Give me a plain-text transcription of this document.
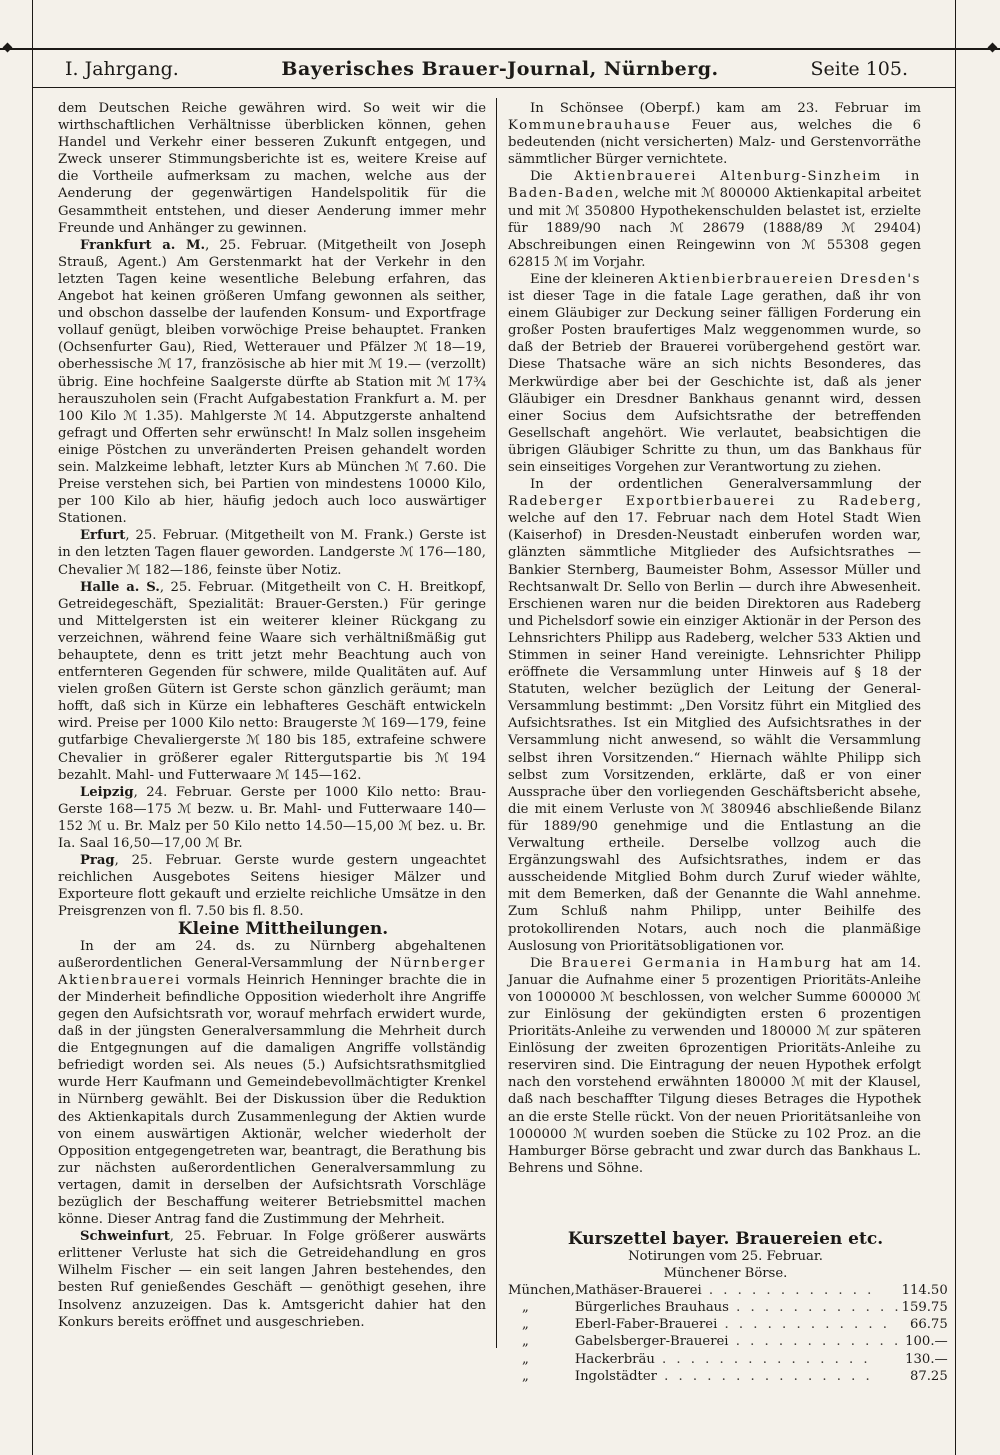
I. Jahrgang.	Bayerisches Brauer-Journal, Nürnberg.	Seite 105.

dem Deutschen Reiche gewähren wird. So weit wir die wirthschaftlichen Verhältnisse überblicken können, gehen Handel und Verkehr einer besseren Zukunft entgegen, und Zweck unserer Stimmungsberichte ist es, weitere Kreise auf die Vortheile aufmerksam zu machen, welche aus der Aenderung der gegenwärtigen Handelspolitik für die Gesammtheit entstehen, und dieser Aenderung immer mehr Freunde und Anhänger zu gewinnen.

Frankfurt a. M., 25. Februar. (Mitgetheilt von Joseph Strauß, Agent.) Am Gerstenmarkt hat der Verkehr in den letzten Tagen keine wesentliche Belebung erfahren, das Angebot hat keinen größeren Umfang gewonnen als seither, und obschon dasselbe der laufenden Konsum- und Exportfrage vollauf genügt, bleiben vorwöchige Preise behauptet. Franken (Ochsenfurter Gau), Ried, Wetterauer und Pfälzer ℳ 18—19, oberhessische ℳ 17, französische ab hier mit ℳ 19.— (verzollt) übrig. Eine hochfeine Saalgerste dürfte ab Station mit ℳ 17¾ herauszuholen sein (Fracht Aufgabestation Frankfurt a. M. per 100 Kilo ℳ 1.35). Mahlgerste ℳ 14. Abputzgerste anhaltend gefragt und Offerten sehr erwünscht! In Malz sollen insgeheim einige Pöstchen zu unveränderten Preisen gehandelt worden sein. Malzkeime lebhaft, letzter Kurs ab München ℳ 7.60. Die Preise verstehen sich, bei Partien von mindestens 10000 Kilo, per 100 Kilo ab hier, häufig jedoch auch loco auswärtiger Stationen.

Erfurt, 25. Februar. (Mitgetheilt von M. Frank.) Gerste ist in den letzten Tagen flauer geworden. Landgerste ℳ 176—180, Chevalier ℳ 182—186, feinste über Notiz.

Halle a. S., 25. Februar. (Mitgetheilt von C. H. Breitkopf, Getreidegeschäft, Spezialität: Brauer-Gersten.) Für geringe und Mittelgersten ist ein weiterer kleiner Rückgang zu verzeichnen, während feine Waare sich verhältnißmäßig gut behauptete, denn es tritt jetzt mehr Beachtung auch von entfernteren Gegenden für schwere, milde Qualitäten auf. Auf vielen großen Gütern ist Gerste schon gänzlich geräumt; man hofft, daß sich in Kürze ein lebhafteres Geschäft entwickeln wird. Preise per 1000 Kilo netto: Braugerste ℳ 169—179, feine gutfarbige Chevaliergerste ℳ 180 bis 185, extrafeine schwere Chevalier in größerer egaler Rittergutspartie bis ℳ 194 bezahlt. Mahl- und Futterwaare ℳ 145—162.

Leipzig, 24. Februar. Gerste per 1000 Kilo netto: Brau-Gerste 168—175 ℳ bezw. u. Br. Mahl- und Futterwaare 140—152 ℳ u. Br. Malz per 50 Kilo netto 14.50—15,00 ℳ bez. u. Br. Ia. Saal 16,50—17,00 ℳ Br.

Prag, 25. Februar. Gerste wurde gestern ungeachtet reichlichen Ausgebotes Seitens hiesiger Mälzer und Exporteure flott gekauft und erzielte reichliche Umsätze in den Preisgrenzen von fl. 7.50 bis fl. 8.50.

Kleine Mittheilungen.

In der am 24. ds. zu Nürnberg abgehaltenen außerordentlichen General-Versammlung der Nürnberger Aktienbrauerei vormals Heinrich Henninger brachte die in der Minderheit befindliche Opposition wiederholt ihre Angriffe gegen den Aufsichtsrath vor, worauf mehrfach erwidert wurde, daß in der jüngsten Generalversammlung die Mehrheit durch die Entgegnungen auf die damaligen Angriffe vollständig befriedigt worden sei. Als neues (5.) Aufsichtsrathsmitglied wurde Herr Kaufmann und Gemeindebevollmächtigter Krenkel in Nürnberg gewählt. Bei der Diskussion über die Reduktion des Aktienkapitals durch Zusammenlegung der Aktien wurde von einem auswärtigen Aktionär, welcher wiederholt der Opposition entgegengetreten war, beantragt, die Berathung bis zur nächsten außerordentlichen Generalversammlung zu vertagen, damit in derselben der Aufsichtsrath Vorschläge bezüglich der Beschaffung weiterer Betriebsmittel machen könne. Dieser Antrag fand die Zustimmung der Mehrheit.

Schweinfurt, 25. Februar. In Folge größerer auswärts erlittener Verluste hat sich die Getreidehandlung en gros Wilhelm Fischer — ein seit langen Jahren bestehendes, den besten Ruf genießendes Geschäft — genöthigt gesehen, ihre Insolvenz anzuzeigen. Das k. Amtsgericht dahier hat den Konkurs bereits eröffnet und ausgeschrieben.

In Schönsee (Oberpf.) kam am 23. Februar im Kommunebrauhause Feuer aus, welches die 6 bedeutenden (nicht versicherten) Malz- und Gerstenvorräthe sämmtlicher Bürger vernichtete.

Die Aktienbrauerei Altenburg-Sinzheim in Baden-Baden, welche mit ℳ 800000 Aktienkapital arbeitet und mit ℳ 350800 Hypothekenschulden belastet ist, erzielte für 1889/90 nach ℳ 28679 (1888/89 ℳ 29404) Abschreibungen einen Reingewinn von ℳ 55308 gegen 62815 ℳ im Vorjahr.

Eine der kleineren Aktienbierbrauereien Dresden's ist dieser Tage in die fatale Lage gerathen, daß ihr von einem Gläubiger zur Deckung seiner fälligen Forderung ein großer Posten braufertiges Malz weggenommen wurde, so daß der Betrieb der Brauerei vorübergehend gestört war. Diese Thatsache wäre an sich nichts Besonderes, das Merkwürdige aber bei der Geschichte ist, daß als jener Gläubiger ein Dresdner Bankhaus genannt wird, dessen einer Socius dem Aufsichtsrathe der betreffenden Gesellschaft angehört. Wie verlautet, beabsichtigen die übrigen Gläubiger Schritte zu thun, um das Bankhaus für sein einseitiges Vorgehen zur Verantwortung zu ziehen.

In der ordentlichen Generalversammlung der Radeberger Exportbierbauerei zu Radeberg, welche auf den 17. Februar nach dem Hotel Stadt Wien (Kaiserhof) in Dresden-Neustadt einberufen worden war, glänzten sämmtliche Mitglieder des Aufsichtsrathes — Bankier Sternberg, Baumeister Bohm, Assessor Müller und Rechtsanwalt Dr. Sello von Berlin — durch ihre Abwesenheit. Erschienen waren nur die beiden Direktoren aus Radeberg und Pichelsdorf sowie ein einziger Aktionär in der Person des Lehnsrichters Philipp aus Radeberg, welcher 533 Aktien und Stimmen in seiner Hand vereinigte. Lehnsrichter Philipp eröffnete die Versammlung unter Hinweis auf § 18 der Statuten, welcher bezüglich der Leitung der General-Versammlung bestimmt: „Den Vorsitz führt ein Mitglied des Aufsichtsrathes. Ist ein Mitglied des Aufsichtsrathes in der Versammlung nicht anwesend, so wählt die Versammlung selbst ihren Vorsitzenden.“ Hiernach wählte Philipp sich selbst zum Vorsitzenden, erklärte, daß er von einer Aussprache über den vorliegenden Geschäftsbericht absehe, die mit einem Verluste von ℳ 380946 abschließende Bilanz für 1889/90 genehmige und die Entlastung an die Verwaltung ertheile. Derselbe vollzog auch die Ergänzungswahl des Aufsichtsrathes, indem er das ausscheidende Mitglied Bohm durch Zuruf wieder wählte, mit dem Bemerken, daß der Genannte die Wahl annehme. Zum Schluß nahm Philipp, unter Beihilfe des protokollirenden Notars, auch noch die planmäßige Auslosung von Prioritätsobligationen vor.

Die Brauerei Germania in Hamburg hat am 14. Januar die Aufnahme einer 5 prozentigen Prioritäts-Anleihe von 1000000 ℳ beschlossen, von welcher Summe 600000 ℳ zur Einlösung der gekündigten ersten 6 prozentigen Prioritäts-Anleihe zu verwenden und 180000 ℳ zur späteren Einlösung der zweiten 6prozentigen Prioritäts-Anleihe zu reserviren sind. Die Eintragung der neuen Hypothek erfolgt nach den vorstehend erwähnten 180000 ℳ mit der Klausel, daß nach beschaffter Tilgung dieses Betrages die Hypothek an die erste Stelle rückt. Von der neuen Prioritätsanleihe von 1000000 ℳ wurden soeben die Stücke zu 102 Proz. an die Hamburger Börse gebracht und zwar durch das Bankhaus L. Behrens und Söhne.

Kurszettel bayer. Brauereien etc.

Notirungen vom 25. Februar.

Münchener Börse.

München,	Mathäser-Brauerei . . . . . . . . . . . .	114.50
„	Bürgerliches Brauhaus . . . . . . . . . . . .	159.75
„	Eberl-Faber-Brauerei . . . . . . . . . . . .	66.75
„	Gabelsberger-Brauerei . . . . . . . . . . . .	100.—
„	Hackerbräu . . . . . . . . . . . . . . .	130.—
„	Ingolstädter . . . . . . . . . . . . . . .	87.25
